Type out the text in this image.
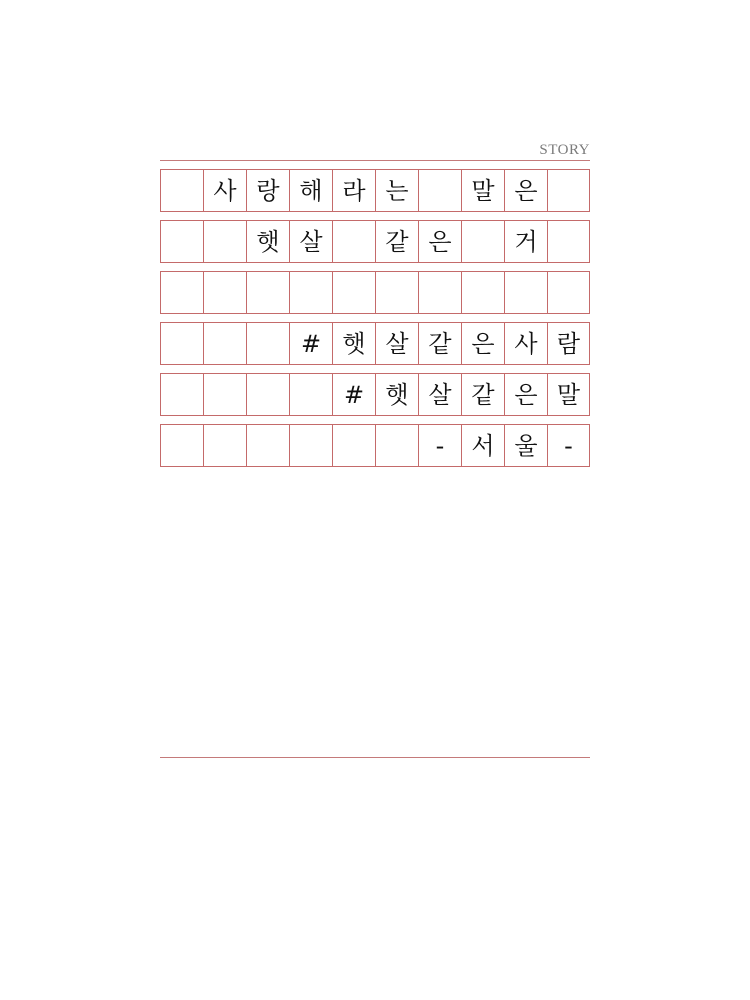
STORY
사 랑 해 라 는	말 은
햇 살	같 은	거
# 햇 살 같 은 사 람
# 햇 살 같 은 말
-	서 울	-
